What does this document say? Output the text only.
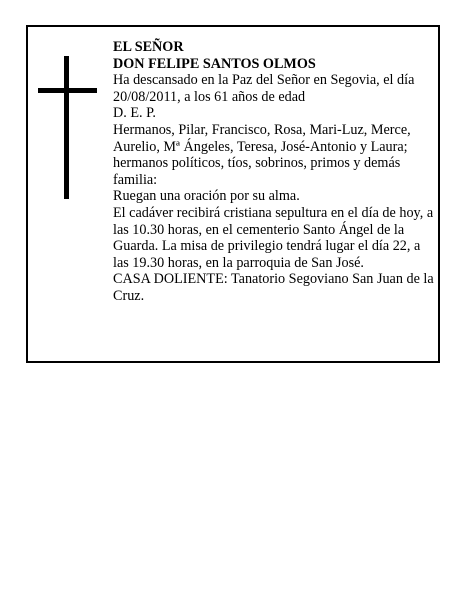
EL SEÑOR

DON FELIPE SANTOS OLMOS

Ha descansado en la Paz del Señor en Segovia, el día 20/08/2011, a los 61 años de edad

D. E. P.

Hermanos, Pilar, Francisco, Rosa, Mari-Luz, Merce, Aurelio, Mª Ángeles, Teresa, José-Antonio y Laura; hermanos políticos, tíos, sobrinos, primos y demás familia:

Ruegan una oración por su alma.

El cadáver recibirá cristiana sepultura en el día de hoy, a las 10.30 horas, en el cementerio Santo Ángel de la Guarda. La misa de privilegio tendrá lugar el día 22, a las 19.30 horas, en la parroquia de San José.

CASA DOLIENTE: Tanatorio Segoviano San Juan de la Cruz.
